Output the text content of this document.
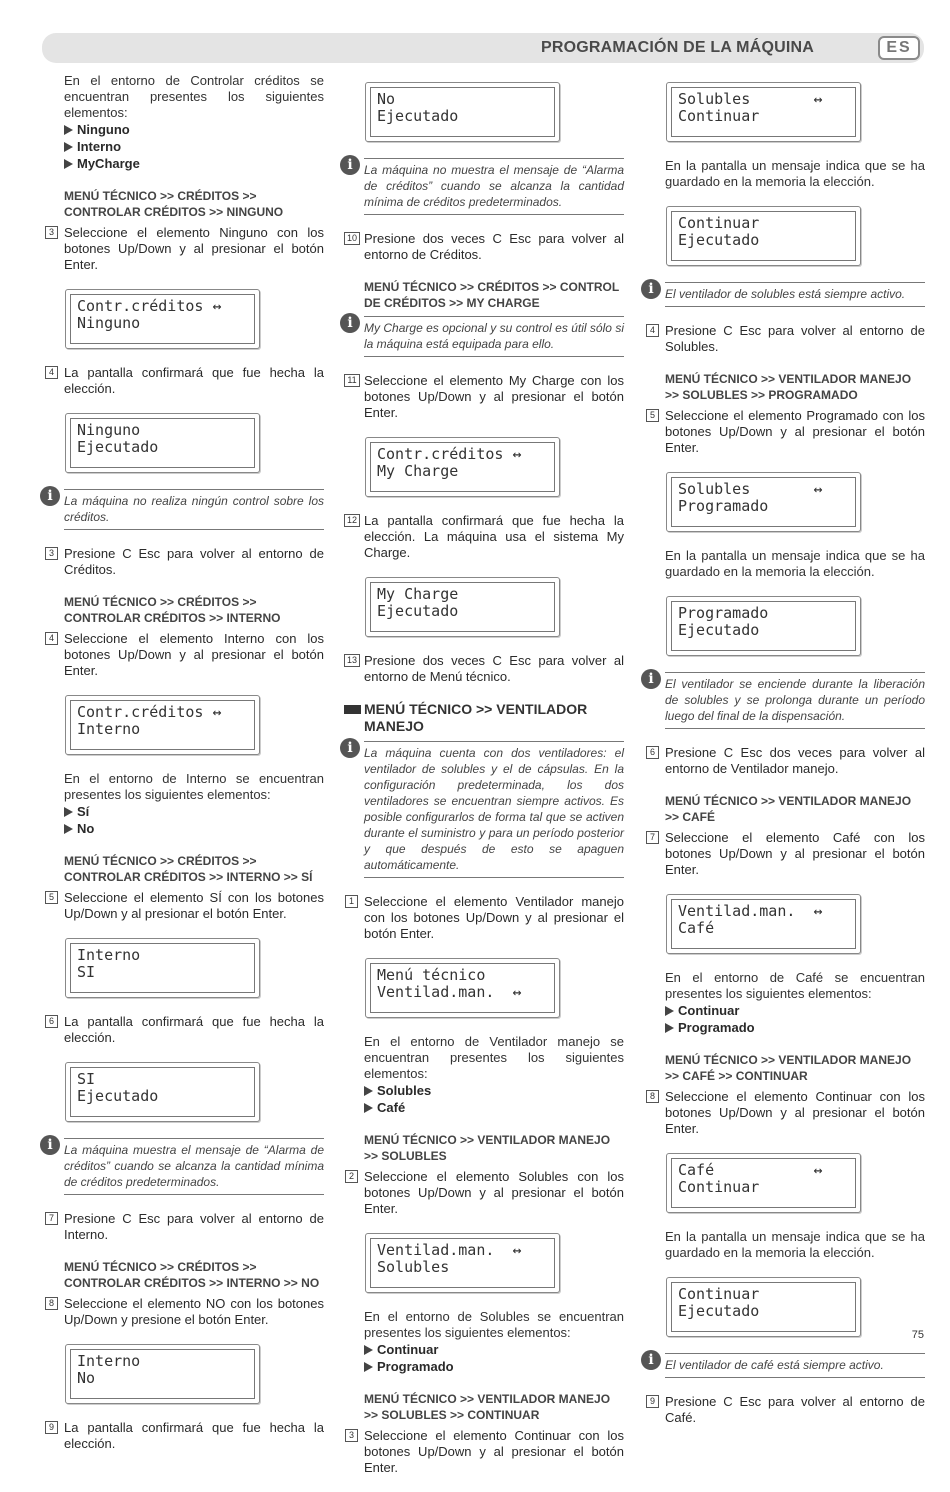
PROGRAMACIÓN DE LA MÁQUINA	ES
En el entorno de Controlar créditos se encuentran presentes los siguientes elementos:
Ninguno
Interno
MyCharge
MENÚ TÉCNICO >> CRÉDITOS >> CONTROLAR CRÉDITOS >> NINGUNO
3 Seleccione el elemento Ninguno con los botones Up/Down y al presionar el botón Enter.
Contr.créditos ↔
Ninguno
4 La pantalla confirmará que fue hecha la elección.
Ninguno
Ejecutado
i La máquina no realiza ningún control sobre los créditos.
3 Presione C Esc para volver al entorno de Créditos.
MENÚ TÉCNICO >> CRÉDITOS >> CONTROLAR CRÉDITOS >> INTERNO
4 Seleccione el elemento Interno con los botones Up/Down y al presionar el botón Enter.
Contr.créditos ↔
Interno
En el entorno de Interno se encuentran presentes los siguientes elementos:
Sí
No
MENÚ TÉCNICO >> CRÉDITOS >> CONTROLAR CRÉDITOS >> INTERNO >> SÍ
5 Seleccione el elemento SÍ con los botones Up/Down y al presionar el botón Enter.
Interno
SI
6 La pantalla confirmará que fue hecha la elección.
SI
Ejecutado
i La máquina muestra el mensaje de “Alarma de créditos” cuando se alcanza la cantidad mínima de créditos predeterminados.
7 Presione C Esc para volver al entorno de Interno.
MENÚ TÉCNICO >> CRÉDITOS >> CONTROLAR CRÉDITOS >> INTERNO >> NO
8 Seleccione el elemento NO con los botones Up/Down y presione el botón Enter.
Interno
No
9 La pantalla confirmará que fue hecha la elección.
No
Ejecutado
i La máquina no muestra el mensaje de “Alarma de créditos” cuando se alcanza la cantidad mínima de créditos predeterminados.
10 Presione dos veces C Esc para volver al entorno de Créditos.
MENÚ TÉCNICO >> CRÉDITOS >> CONTROL DE CRÉDITOS >> MY CHARGE
i My Charge es opcional y su control es útil sólo si la máquina está equipada para ello.
11 Seleccione el elemento My Charge con los botones Up/Down y al presionar el botón Enter.
Contr.créditos ↔
My Charge
12 La pantalla confirmará que fue hecha la elección. La máquina usa el sistema My Charge.
My Charge
Ejecutado
13 Presione dos veces C Esc para volver al entorno de Menú técnico.
MENÚ TÉCNICO >> VENTILADOR MANEJO
i La máquina cuenta con dos ventiladores: el ventilador de solubles y el de cápsulas. En la configuración predeterminada, los dos ventiladores se encuentran siempre activos. Es posible configurarlos de forma tal que se activen durante el suministro y para un período posterior y que después de esto se apaguen automáticamente.
1 Seleccione el elemento Ventilador manejo con los botones Up/Down y al presionar el botón Enter.
Menú técnico
Ventilad.man.  ↔
En el entorno de Ventilador manejo se encuentran presentes los siguientes elementos:
Solubles
Café
MENÚ TÉCNICO >> VENTILADOR MANEJO >> SOLUBLES
2 Seleccione el elemento Solubles con los botones Up/Down y al presionar el botón Enter.
Ventilad.man.  ↔
Solubles
En el entorno de Solubles se encuentran presentes los siguientes elementos:
Continuar
Programado
MENÚ TÉCNICO >> VENTILADOR MANEJO >> SOLUBLES >> CONTINUAR
3 Seleccione el elemento Continuar con los botones Up/Down y al presionar el botón Enter.
Solubles       ↔
Continuar
En la pantalla un mensaje indica que se ha guardado en la memoria la elección.
Continuar
Ejecutado
i El ventilador de solubles está siempre activo.
4 Presione C Esc para volver al entorno de Solubles.
MENÚ TÉCNICO >> VENTILADOR MANEJO >> SOLUBLES >> PROGRAMADO
5 Seleccione el elemento Programado con los botones Up/Down y al presionar el botón Enter.
Solubles       ↔
Programado
En la pantalla un mensaje indica que se ha guardado en la memoria la elección.
Programado
Ejecutado
i El ventilador se enciende durante la liberación de solubles y se prolonga durante un período luego del final de la dispensación.
6 Presione C Esc dos veces para volver al entorno de Ventilador manejo.
MENÚ TÉCNICO >> VENTILADOR MANEJO >> CAFÉ
7 Seleccione el elemento Café con los botones Up/Down y al presionar el botón Enter.
Ventilad.man.  ↔
Café
En el entorno de Café se encuentran presentes los siguientes elementos:
Continuar
Programado
MENÚ TÉCNICO >> VENTILADOR MANEJO >> CAFÉ >> CONTINUAR
8 Seleccione el elemento Continuar con los botones Up/Down y al presionar el botón Enter.
Café           ↔
Continuar
En la pantalla un mensaje indica que se ha guardado en la memoria la elección.
Continuar
Ejecutado
i El ventilador de café está siempre activo.
9 Presione C Esc para volver al entorno de Café.
75
